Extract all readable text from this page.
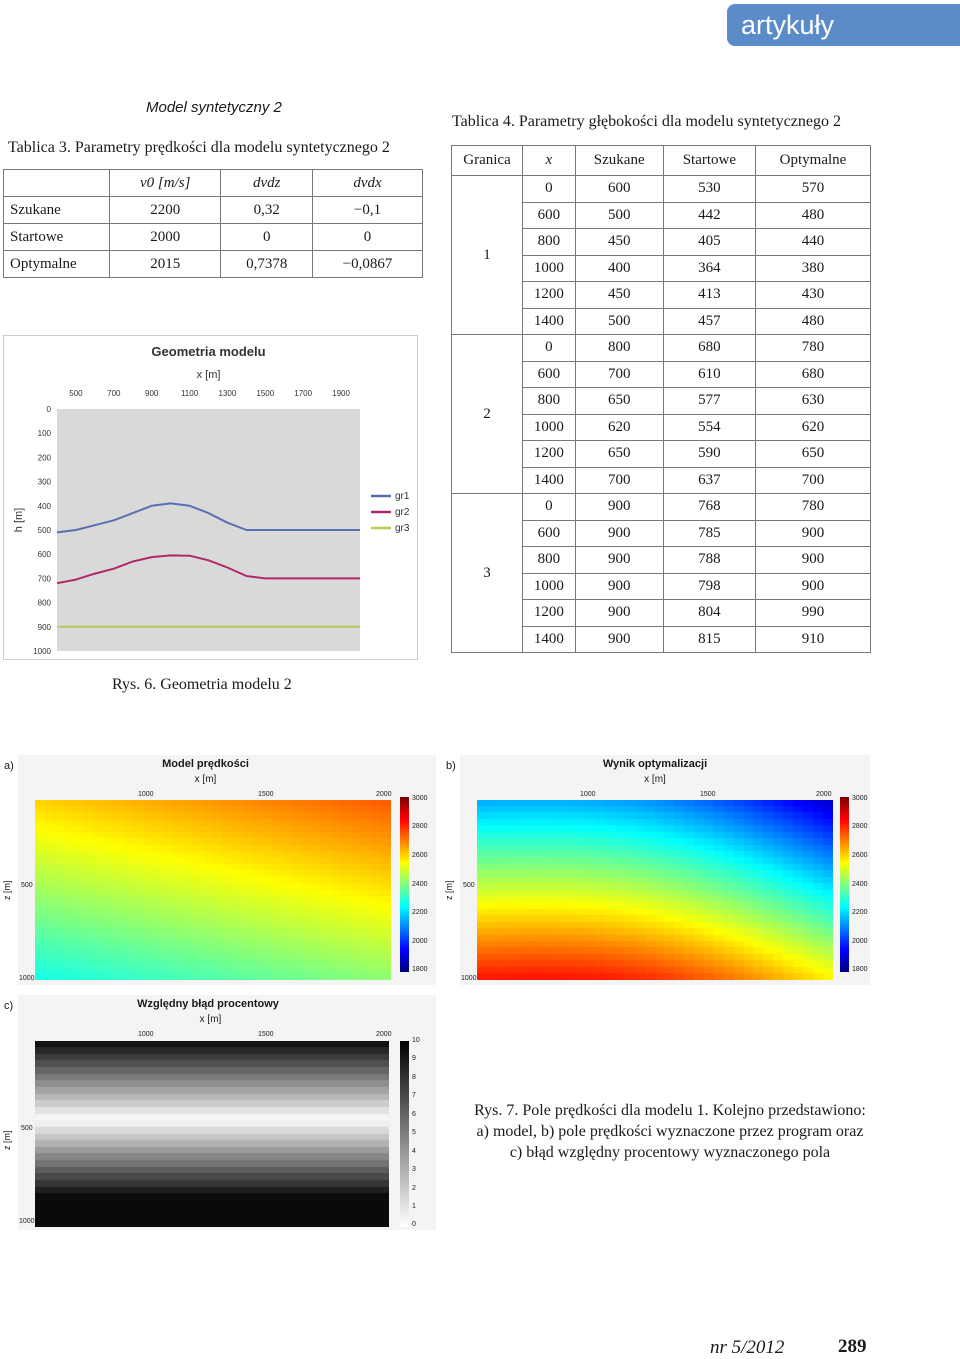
artykuły
Model syntetyczny 2
Tablica 3. Parametry prędkości dla modelu syntetycznego 2
	v0 [m/s]	dvdz	dvdx
Szukane	2200	0,32	−0,1
Startowe	2000	0	0
Optymalne	2015	0,7378	−0,0867
Tablica 4. Parametry głębokości dla modelu syntetycznego 2
Granica	x	Szukane	Startowe	Optymalne
1	0	600	530	570
	600	500	442	480
	800	450	405	440
	1000	400	364	380
	1200	450	413	430
	1400	500	457	480
2	0	800	680	780
	600	700	610	680
	800	650	577	630
	1000	620	554	620
	1200	650	590	650
	1400	700	637	700
3	0	900	768	780
	600	900	785	900
	800	900	788	900
	1000	900	798	900
	1200	900	804	990
	1400	900	815	910
Geometria modelu
x [m]
h [m]
500	700	900	1100	1300	1500	1700	1900
0
100
200
300
400
500
600
700
800
900
1000
gr1
gr2
gr3
Rys. 6. Geometria modelu 2
a)	Model prędkości
x [m]
1000	1500	2000
500
1000
3000
2800
2600
2400
2200
2000
1800
z [m]
b)	Wynik optymalizacji
x [m]
1000	1500	2000
500
1000
3000
2800
2600
2400
2200
2000
1800
z [m]
c)	Względny błąd procentowy
x [m]
1000	1500	2000
500
1000
10
9
8
7
6
5
4
3
2
1
0
z [m]
Rys. 7. Pole prędkości dla modelu 1. Kolejno przedstawiono: a) model, b) pole prędkości wyznaczone przez program oraz c) błąd względny procentowy wyznaczonego pola
nr 5/2012	289
